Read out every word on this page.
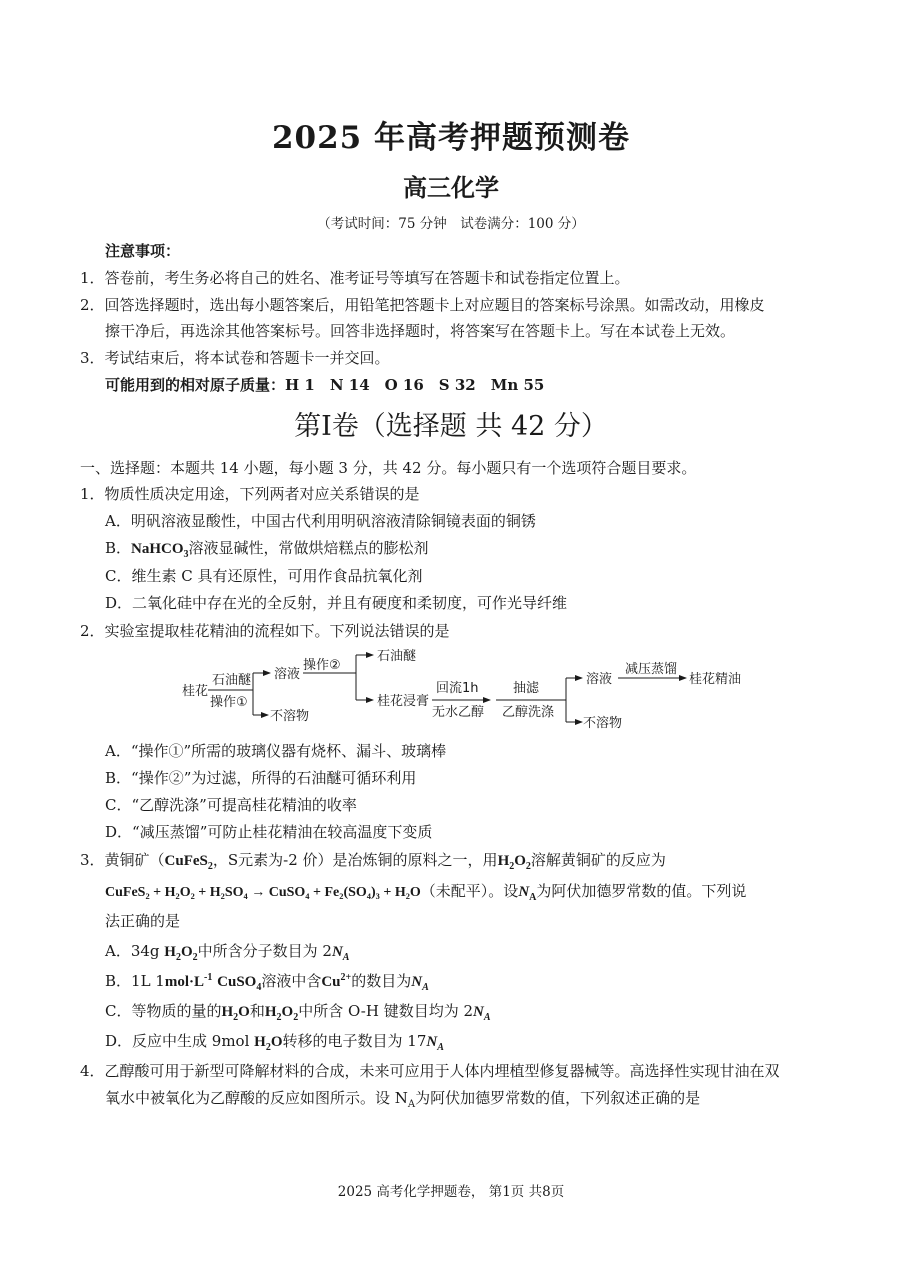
2025 年高考押题预测卷
高三化学
（考试时间：75 分钟　试卷满分：100 分）
注意事项：
1．答卷前，考生务必将自己的姓名、准考证号等填写在答题卡和试卷指定位置上。
2．回答选择题时，选出每小题答案后，用铅笔把答题卡上对应题目的答案标号涂黑。如需改动，用橡皮
擦干净后，再选涂其他答案标号。回答非选择题时，将答案写在答题卡上。写在本试卷上无效。
3．考试结束后，将本试卷和答题卡一并交回。
可能用到的相对原子质量：H 1　N 14　O 16　S 32　Mn 55
第I卷（选择题 共 42 分）
一、选择题：本题共 14 小题，每小题 3 分，共 42 分。每小题只有一个选项符合题目要求。
1．物质性质决定用途，下列两者对应关系错误的是
A．明矾溶液显酸性，中国古代利用明矾溶液清除铜镜表面的铜锈
B．NaHCO$_3$溶液显碱性，常做烘焙糕点的膨松剂
C．维生素 C 具有还原性，可用作食品抗氧化剂
D．二氧化硅中存在光的全反射，并且有硬度和柔韧度，可作光导纤维
2．实验室提取桂花精油的流程如下。下列说法错误的是
桂花
石油醚
操作①
溶液
不溶物
操作②
石油醚
桂花浸膏
回流1h
无水乙醇
抽滤
乙醇洗涤
溶液
不溶物
减压蒸馏
桂花精油
A．“操作①”所需的玻璃仪器有烧杯、漏斗、玻璃棒
B．“操作②”为过滤，所得的石油醚可循环利用
C．“乙醇洗涤”可提高桂花精油的收率
D．“减压蒸馏”可防止桂花精油在较高温度下变质
3．黄铜矿（CuFeS$_2$，S元素为-2 价）是冶炼铜的原料之一，用$H_2O_2$溶解黄铜矿的反应为
CuFeS₂ + H₂O₂ + H₂SO₄ → CuSO₄ + Fe₂(SO₄)₃ + H₂O（未配平）。设$N_A$为阿伏加德罗常数的值。下列说
法正确的是
A．34g $H_2O_2$中所含分子数目为 $2N_A$
B．1L $1mol\cdot L^{-1}$ CuSO$_4$溶液中含$Cu^{2+}$的数目为$N_A$
C．等物质的量的$H_2O$和$H_2O_2$中所含 O-H 键数目均为 $2N_A$
D．反应中生成 9mol $H_2O$转移的电子数目为 $17N_A$
4．乙醇酸可用于新型可降解材料的合成，未来可应用于人体内埋植型修复器械等。高选择性实现甘油在双
氧水中被氧化为乙醇酸的反应如图所示。设 $N_A$为阿伏加德罗常数的值，下列叙述正确的是
2025 高考化学押题卷， 第1页 共8页
